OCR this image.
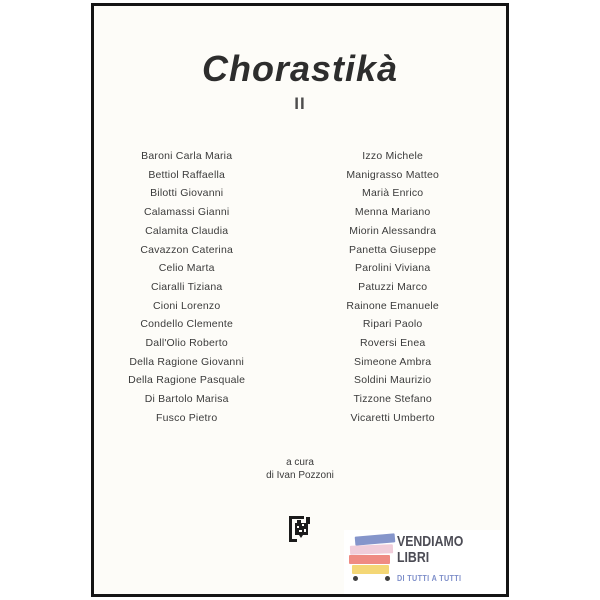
Chorastikà
II
Baroni Carla Maria
Bettiol Raffaella
Bilotti Giovanni
Calamassi Gianni
Calamita Claudia
Cavazzon Caterina
Celio Marta
Ciaralli Tiziana
Cioni Lorenzo
Condello Clemente
Dall'Olio Roberto
Della Ragione Giovanni
Della Ragione Pasquale
Di Bartolo Marisa
Fusco Pietro
Izzo Michele
Manigrasso Matteo
Marià Enrico
Menna Mariano
Miorin Alessandra
Panetta Giuseppe
Parolini Viviana
Patuzzi Marco
Rainone Emanuele
Ripari Paolo
Roversi Enea
Simeone Ambra
Soldini Maurizio
Tizzone Stefano
Vicaretti Umberto
a cura
di Ivan Pozzoni
VENDIAMO
LIBRI
DI TUTTI A TUTTI
